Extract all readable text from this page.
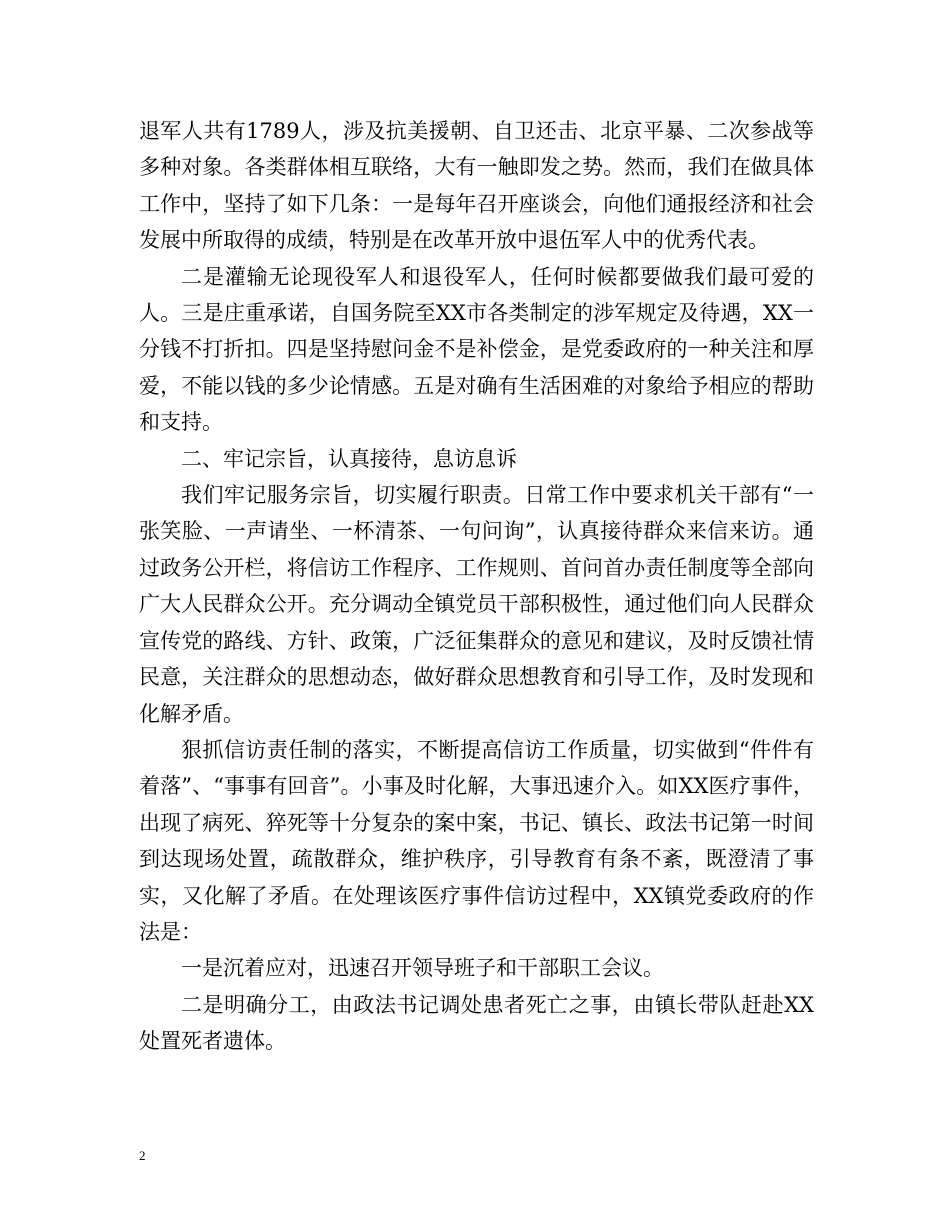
退军人共有1789人，涉及抗美援朝、自卫还击、北京平暴、二次参战等多种对象。各类群体相互联络，大有一触即发之势。然而，我们在做具体工作中，坚持了如下几条：一是每年召开座谈会，向他们通报经济和社会发展中所取得的成绩，特别是在改革开放中退伍军人中的优秀代表。

二是灌输无论现役军人和退役军人，任何时候都要做我们最可爱的人。三是庄重承诺，自国务院至XX市各类制定的涉军规定及待遇，XX一分钱不打折扣。四是坚持慰问金不是补偿金，是党委政府的一种关注和厚爱，不能以钱的多少论情感。五是对确有生活困难的对象给予相应的帮助和支持。

二、牢记宗旨，认真接待，息访息诉

我们牢记服务宗旨，切实履行职责。日常工作中要求机关干部有“一张笑脸、一声请坐、一杯清茶、一句问询”，认真接待群众来信来访。通过政务公开栏，将信访工作程序、工作规则、首问首办责任制度等全部向广大人民群众公开。充分调动全镇党员干部积极性，通过他们向人民群众宣传党的路线、方针、政策，广泛征集群众的意见和建议，及时反馈社情民意，关注群众的思想动态，做好群众思想教育和引导工作，及时发现和化解矛盾。

狠抓信访责任制的落实，不断提高信访工作质量，切实做到“件件有着落”、“事事有回音”。小事及时化解，大事迅速介入。如XX医疗事件，出现了病死、猝死等十分复杂的案中案，书记、镇长、政法书记第一时间到达现场处置，疏散群众，维护秩序，引导教育有条不紊，既澄清了事实，又化解了矛盾。在处理该医疗事件信访过程中，XX镇党委政府的作法是：

一是沉着应对，迅速召开领导班子和干部职工会议。

二是明确分工，由政法书记调处患者死亡之事，由镇长带队赶赴XX处置死者遗体。

2
